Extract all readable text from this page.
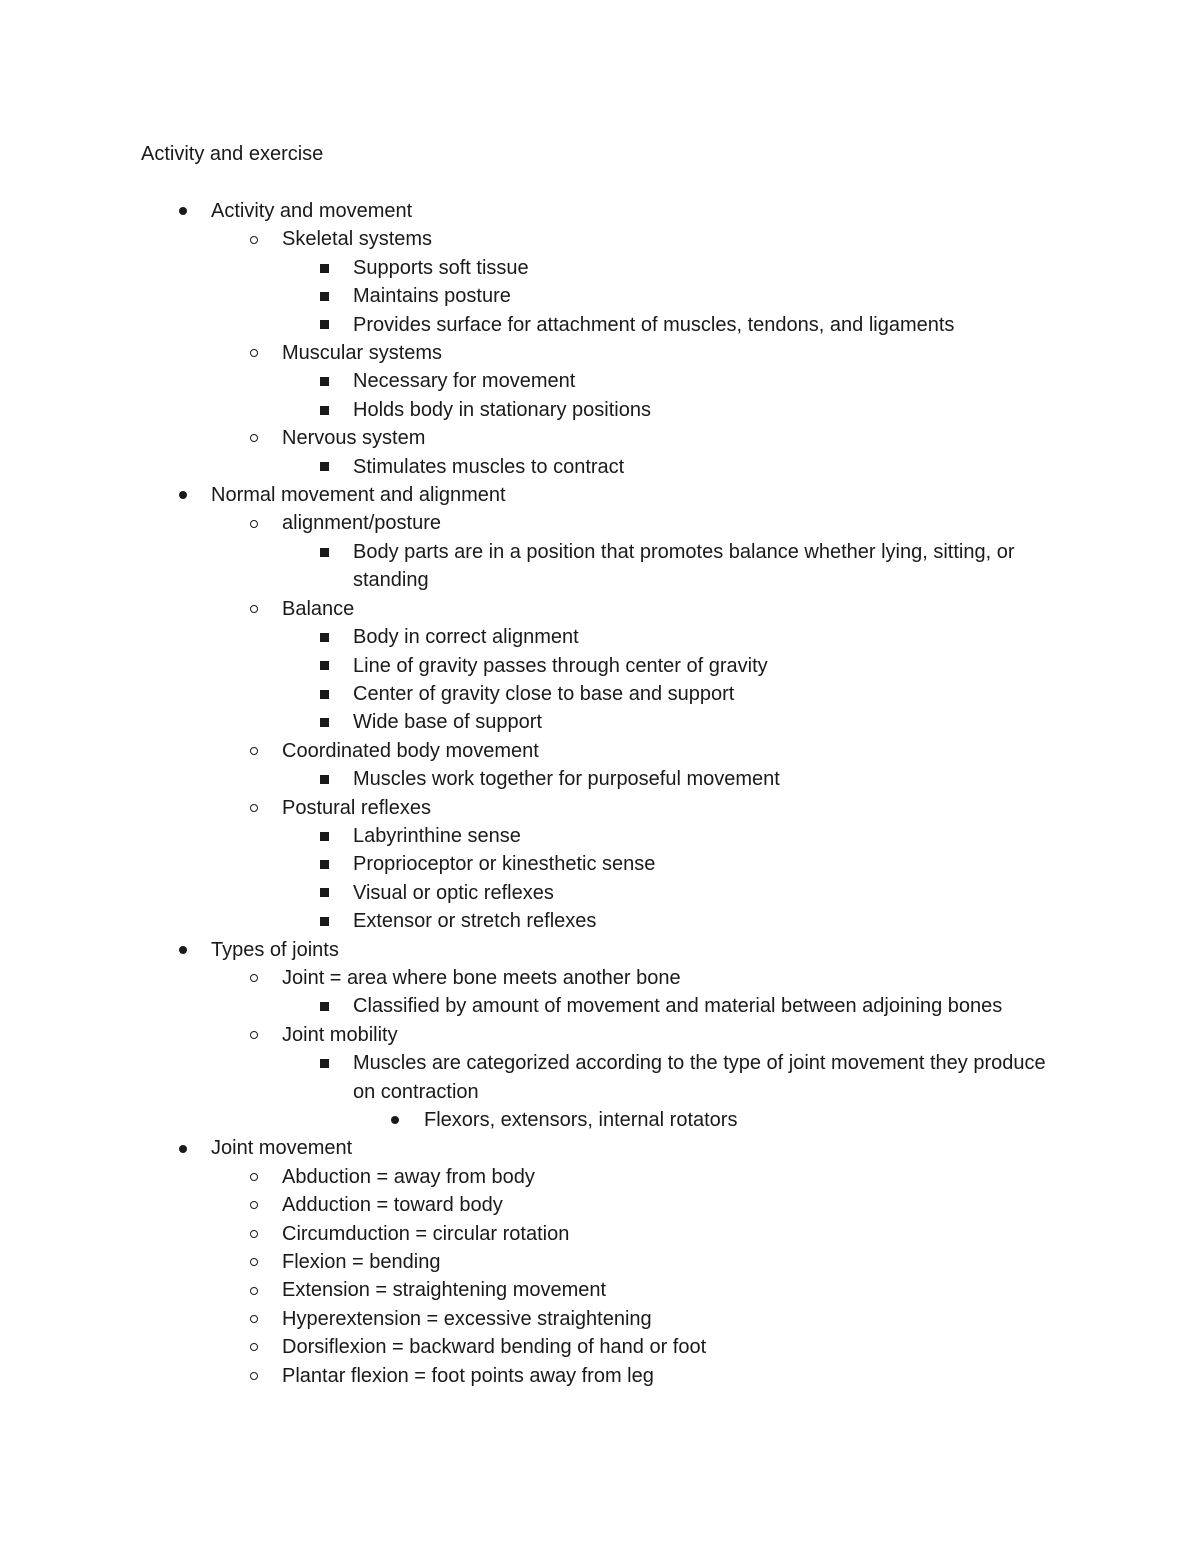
Activity and exercise
Activity and movement
Skeletal systems
Supports soft tissue
Maintains posture
Provides surface for attachment of muscles, tendons, and ligaments
Muscular systems
Necessary for movement
Holds body in stationary positions
Nervous system
Stimulates muscles to contract
Normal movement and alignment
alignment/posture
Body parts are in a position that promotes balance whether lying, sitting, or standing
Balance
Body in correct alignment
Line of gravity passes through center of gravity
Center of gravity close to base and support
Wide base of support
Coordinated body movement
Muscles work together for purposeful movement
Postural reflexes
Labyrinthine sense
Proprioceptor or kinesthetic sense
Visual or optic reflexes
Extensor or stretch reflexes
Types of joints
Joint = area where bone meets another bone
Classified by amount of movement and material between adjoining bones
Joint mobility
Muscles are categorized according to the type of joint movement they produce on contraction
Flexors, extensors, internal rotators
Joint movement
Abduction = away from body
Adduction = toward body
Circumduction = circular rotation
Flexion = bending
Extension = straightening movement
Hyperextension = excessive straightening
Dorsiflexion = backward bending of hand or foot
Plantar flexion = foot points away from leg
